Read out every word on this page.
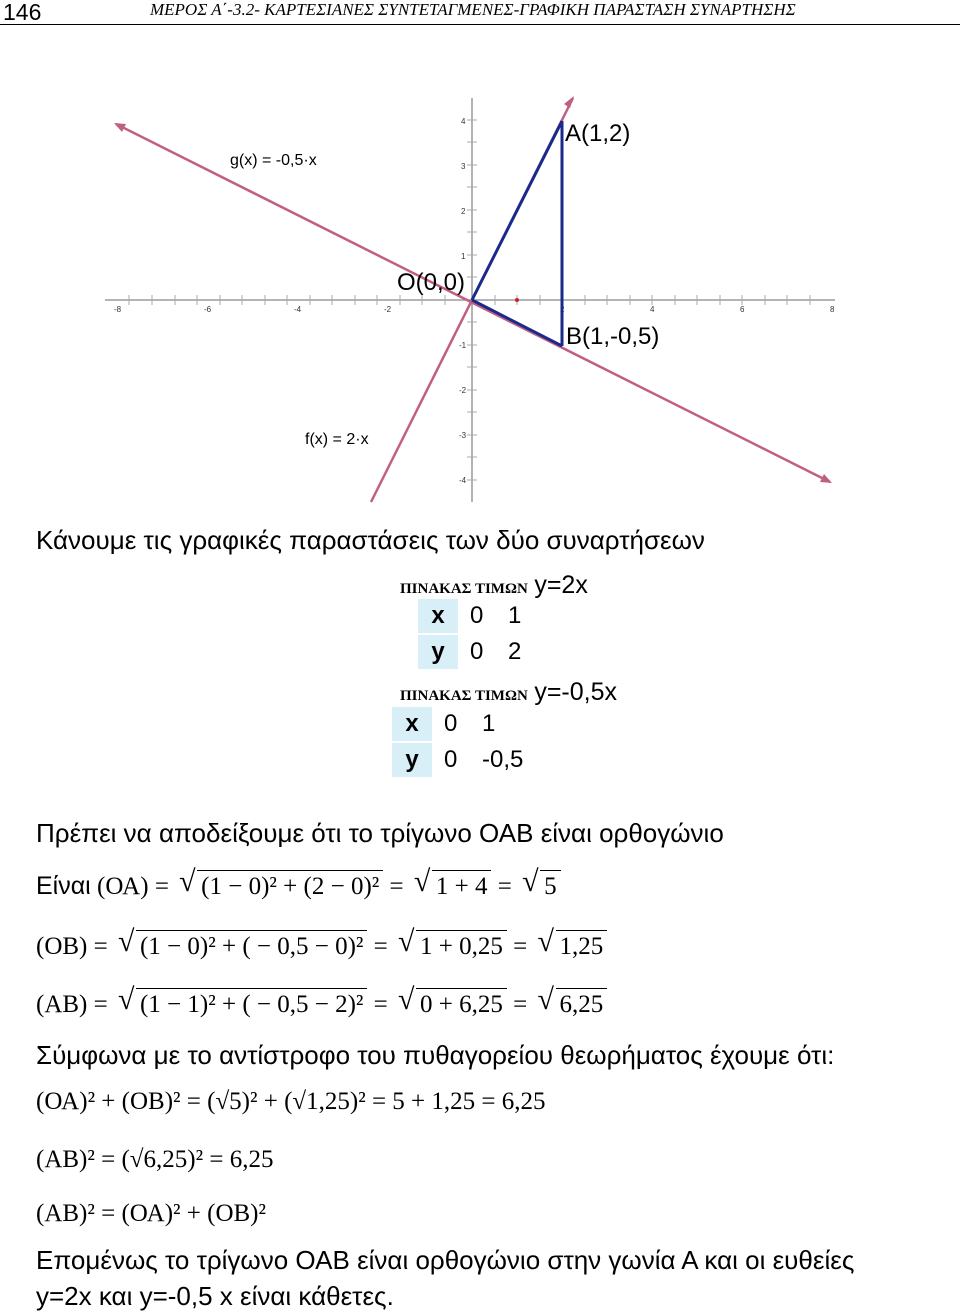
146	ΜΕΡΟΣ Α΄-3.2- ΚΑΡΤΕΣΙΑΝΕΣ ΣΥΝΤΕΤΑΓΜΕΝΕΣ-ΓΡΑΦΙΚΗ ΠΑΡΑΣΤΑΣΗ ΣΥΝΑΡΤΗΣΗΣ
-8	-6	-4	-2	2	4	6	8
4
3
2
1
-1
-2
-3
-4
g(x) = -0,5·x
f(x) = 2·x
Α(1,2)
Ο(0,0)
Β(1,-0,5)
Κάνουμε τις γραφικές παραστάσεις των δύο συναρτήσεων
ΠΙΝΑΚΑΣ ΤΙΜΩΝ y=2x
x	0	1
y	0	2
ΠΙΝΑΚΑΣ ΤΙΜΩΝ y=-0,5x
x	0	1
y	0	-0,5
Πρέπει να αποδείξουμε ότι το τρίγωνο ΟΑΒ είναι ορθογώνιο
Είναι (ΟΑ) = √ (1 − 0)² + (2 − 0)² = √ 1 + 4 = √ 5
(ΟΒ) = √ (1 − 0)² + ( − 0,5 − 0)² = √ 1 + 0,25 = √ 1,25
(ΑΒ) = √ (1 − 1)² + ( − 0,5 − 2)² = √ 0 + 6,25 = √ 6,25
Σύμφωνα με το αντίστροφο του πυθαγορείου θεωρήματος έχουμε ότι:
(ΟΑ)² + (ΟΒ)² = (√5)² + (√1,25)² = 5 + 1,25 = 6,25
(ΑΒ)² = (√6,25)² = 6,25
(ΑΒ)² = (ΟΑ)² + (ΟΒ)²
Επομένως το τρίγωνο ΟΑΒ είναι ορθογώνιο στην γωνία Α και οι ευθείες
y=2x και y=-0,5 x είναι κάθετες.
